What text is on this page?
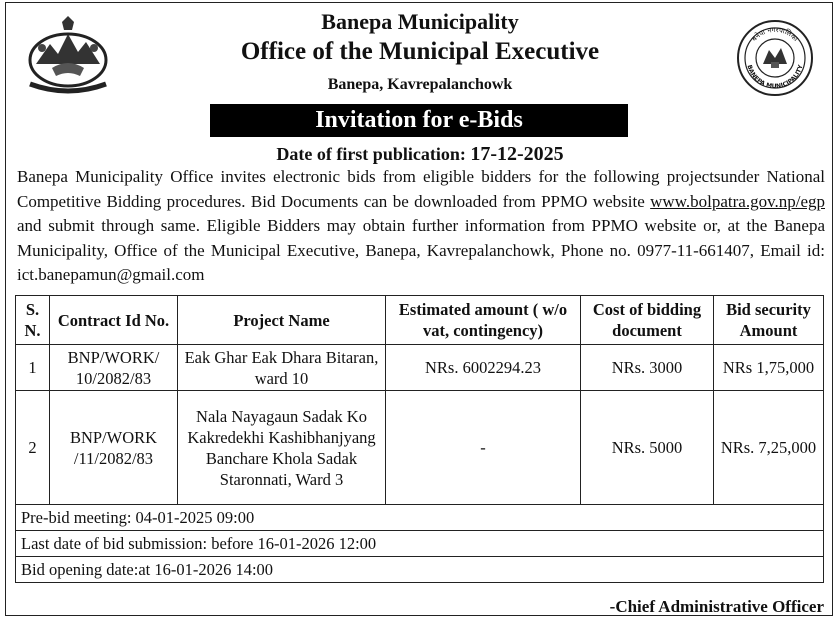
Banepa Municipality
Office of the Municipal Executive
Banepa, Kavrepalanchowk
बनेपा नगरपालिका
BANEPA MUNICIPALITY
Invitation for e-Bids
Date of first publication: 17-12-2025
Banepa Municipality Office invites electronic bids from eligible bidders for the following projectsunder National Competitive Bidding procedures. Bid Documents can be downloaded from PPMO website www.bolpatra.gov.np/egp and submit through same. Eligible Bidders may obtain further information from PPMO website or, at the Banepa Municipality, Office of the Municipal Executive, Banepa, Kavrepalanchowk, Phone no. 0977-11-661407, Email id: ict.banepamun@gmail.com
S. N.	Contract Id No.	Project Name	Estimated amount ( w/o vat, contingency)	Cost of bidding document	Bid security Amount
1	BNP/WORK/ 10/2082/83	Eak Ghar Eak Dhara Bitaran, ward 10	NRs. 6002294.23	NRs. 3000	NRs 1,75,000
2	BNP/WORK /11/2082/83	Nala Nayagaun Sadak Ko Kakredekhi Kashibhanjyang Banchare Khola Sadak Staronnati, Ward 3	-	NRs. 5000	NRs. 7,25,000
Pre-bid meeting: 04-01-2025 09:00					
Last date of bid submission: before 16-01-2026 12:00					
Bid opening date:at 16-01-2026 14:00					
-Chief Administrative Officer
